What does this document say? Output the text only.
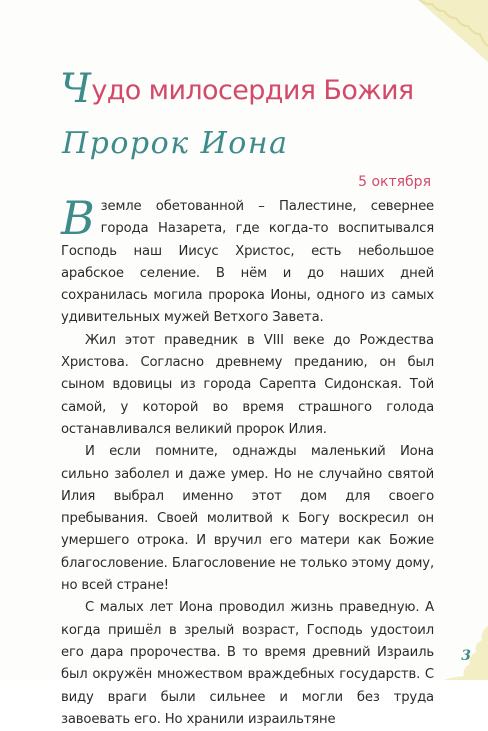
Чудо милосердия Божия
Пророк Иона
5 октября

Вземле обетованной – Палестине, севернее города Назарета, где когда-то воспитывался Господь наш Иисус Христос, есть небольшое арабское селение. В нём и до наших дней сохранилась могила пророка Ионы, одного из самых удивительных мужей Ветхого Завета.

Жил этот праведник в VIII веке до Рождества Христова. Согласно древнему преданию, он был сыном вдовицы из города Сарепта Сидонская. Той самой, у которой во время страшного голода останавливался великий пророк Илия.

И если помните, однажды маленький Иона сильно заболел и даже умер. Но не случайно святой Илия выбрал именно этот дом для своего пребывания. Своей молитвой к Богу воскресил он умершего отрока. И вручил его матери как Божие благословение. Благословение не только этому дому, но всей стране!

С малых лет Иона проводил жизнь праведную. А когда пришёл в зрелый возраст, Господь удостоил его дара пророчества. В то время древний Израиль был окружён множеством враждебных государств. С виду враги были сильнее и могли без труда завоевать его. Но хранили израильтяне

3
